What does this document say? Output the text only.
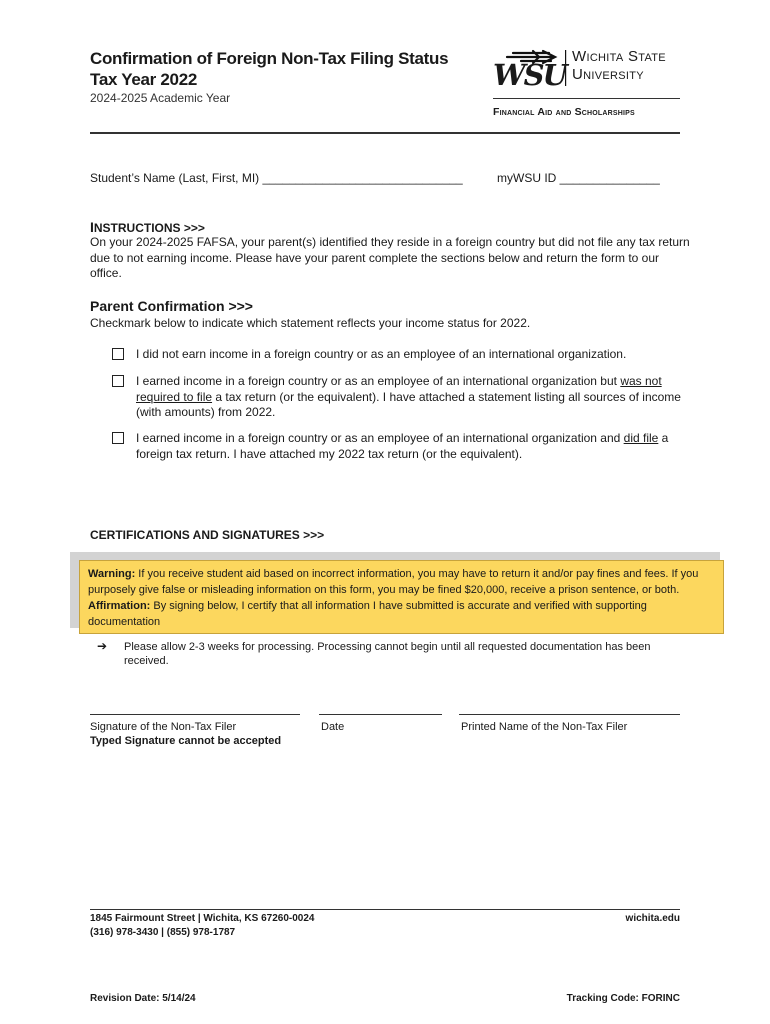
Confirmation of Foreign Non-Tax Filing Status
Tax Year 2022
2024-2025 Academic Year
WSU
Wichita State
University
Financial Aid and Scholarships
Student’s Name (Last, First, MI) ______________________________	myWSU ID _______________
INSTRUCTIONS >>>
On your 2024-2025 FAFSA, your parent(s) identified they reside in a foreign country but did not file any tax return due to not earning income. Please have your parent complete the sections below and return the form to our office.
Parent Confirmation >>>
Checkmark below to indicate which statement reflects your income status for 2022.
I did not earn income in a foreign country or as an employee of an international organization.
I earned income in a foreign country or as an employee of an international organization but was not required to file a tax return (or the equivalent). I have attached a statement listing all sources of income (with amounts) from 2022.
I earned income in a foreign country or as an employee of an international organization and did file a foreign tax return. I have attached my 2022 tax return (or the equivalent).
CERTIFICATIONS AND SIGNATURES >>>
Warning: If you receive student aid based on incorrect information, you may have to return it and/or pay fines and fees. If you purposely give false or misleading information on this form, you may be fined $20,000, receive a prison sentence, or both.
Affirmation: By signing below, I certify that all information I have submitted is accurate and verified with supporting documentation
➔ Please allow 2-3 weeks for processing. Processing cannot begin until all requested documentation has been received.
Signature of the Non-Tax Filer	Date	Printed Name of the Non-Tax Filer
Typed Signature cannot be accepted
1845 Fairmount Street | Wichita, KS 67260-0024
(316) 978-3430 | (855) 978-1787
wichita.edu
Revision Date: 5/14/24	Tracking Code: FORINC
